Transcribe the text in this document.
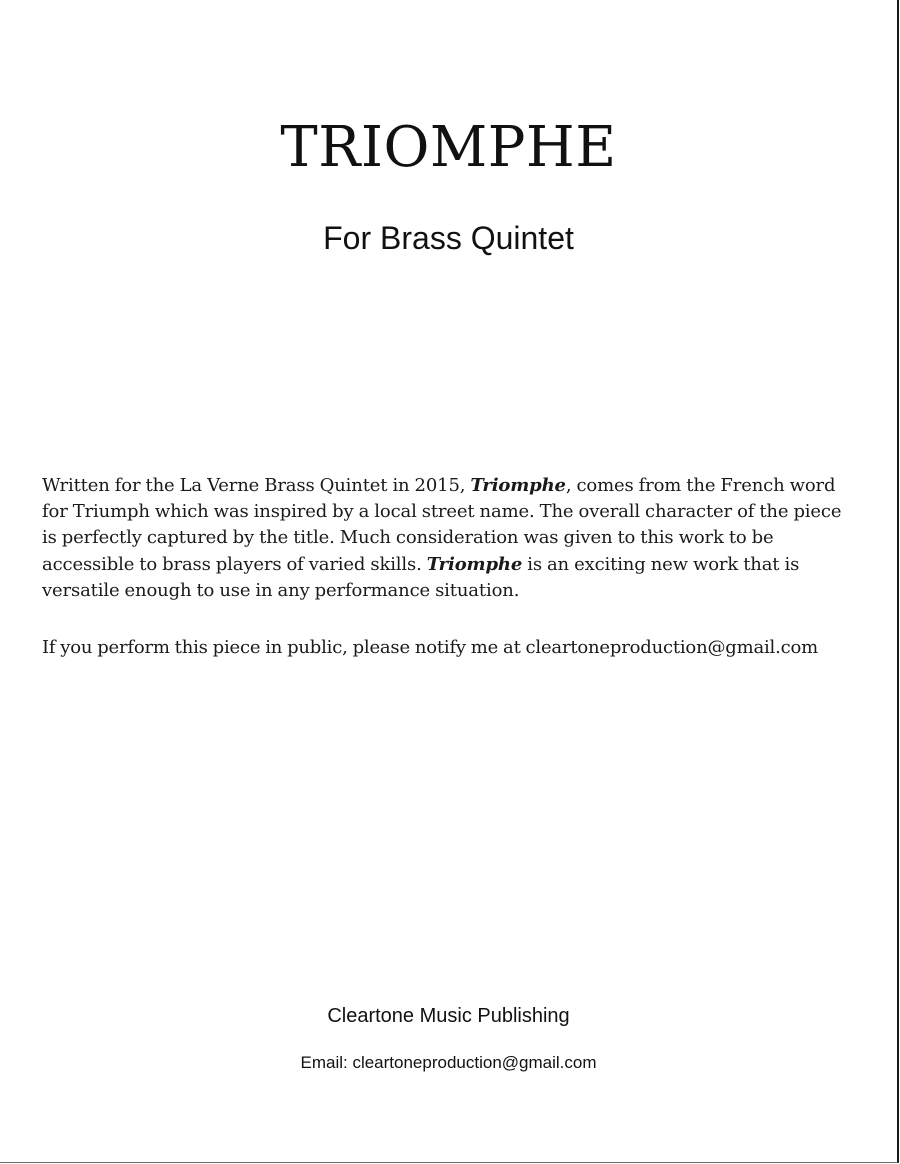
TRIOMPHE
For Brass Quintet

Written for the La Verne Brass Quintet in 2015, Triomphe, comes from the French word
for Triumph which was inspired by a local street name. The overall character of the piece
is perfectly captured by the title. Much consideration was given to this work to be
accessible to brass players of varied skills. Triomphe is an exciting new work that is
versatile enough to use in any performance situation.

If you perform this piece in public, please notify me at cleartoneproduction@gmail.com

Cleartone Music Publishing
Email: cleartoneproduction@gmail.com
